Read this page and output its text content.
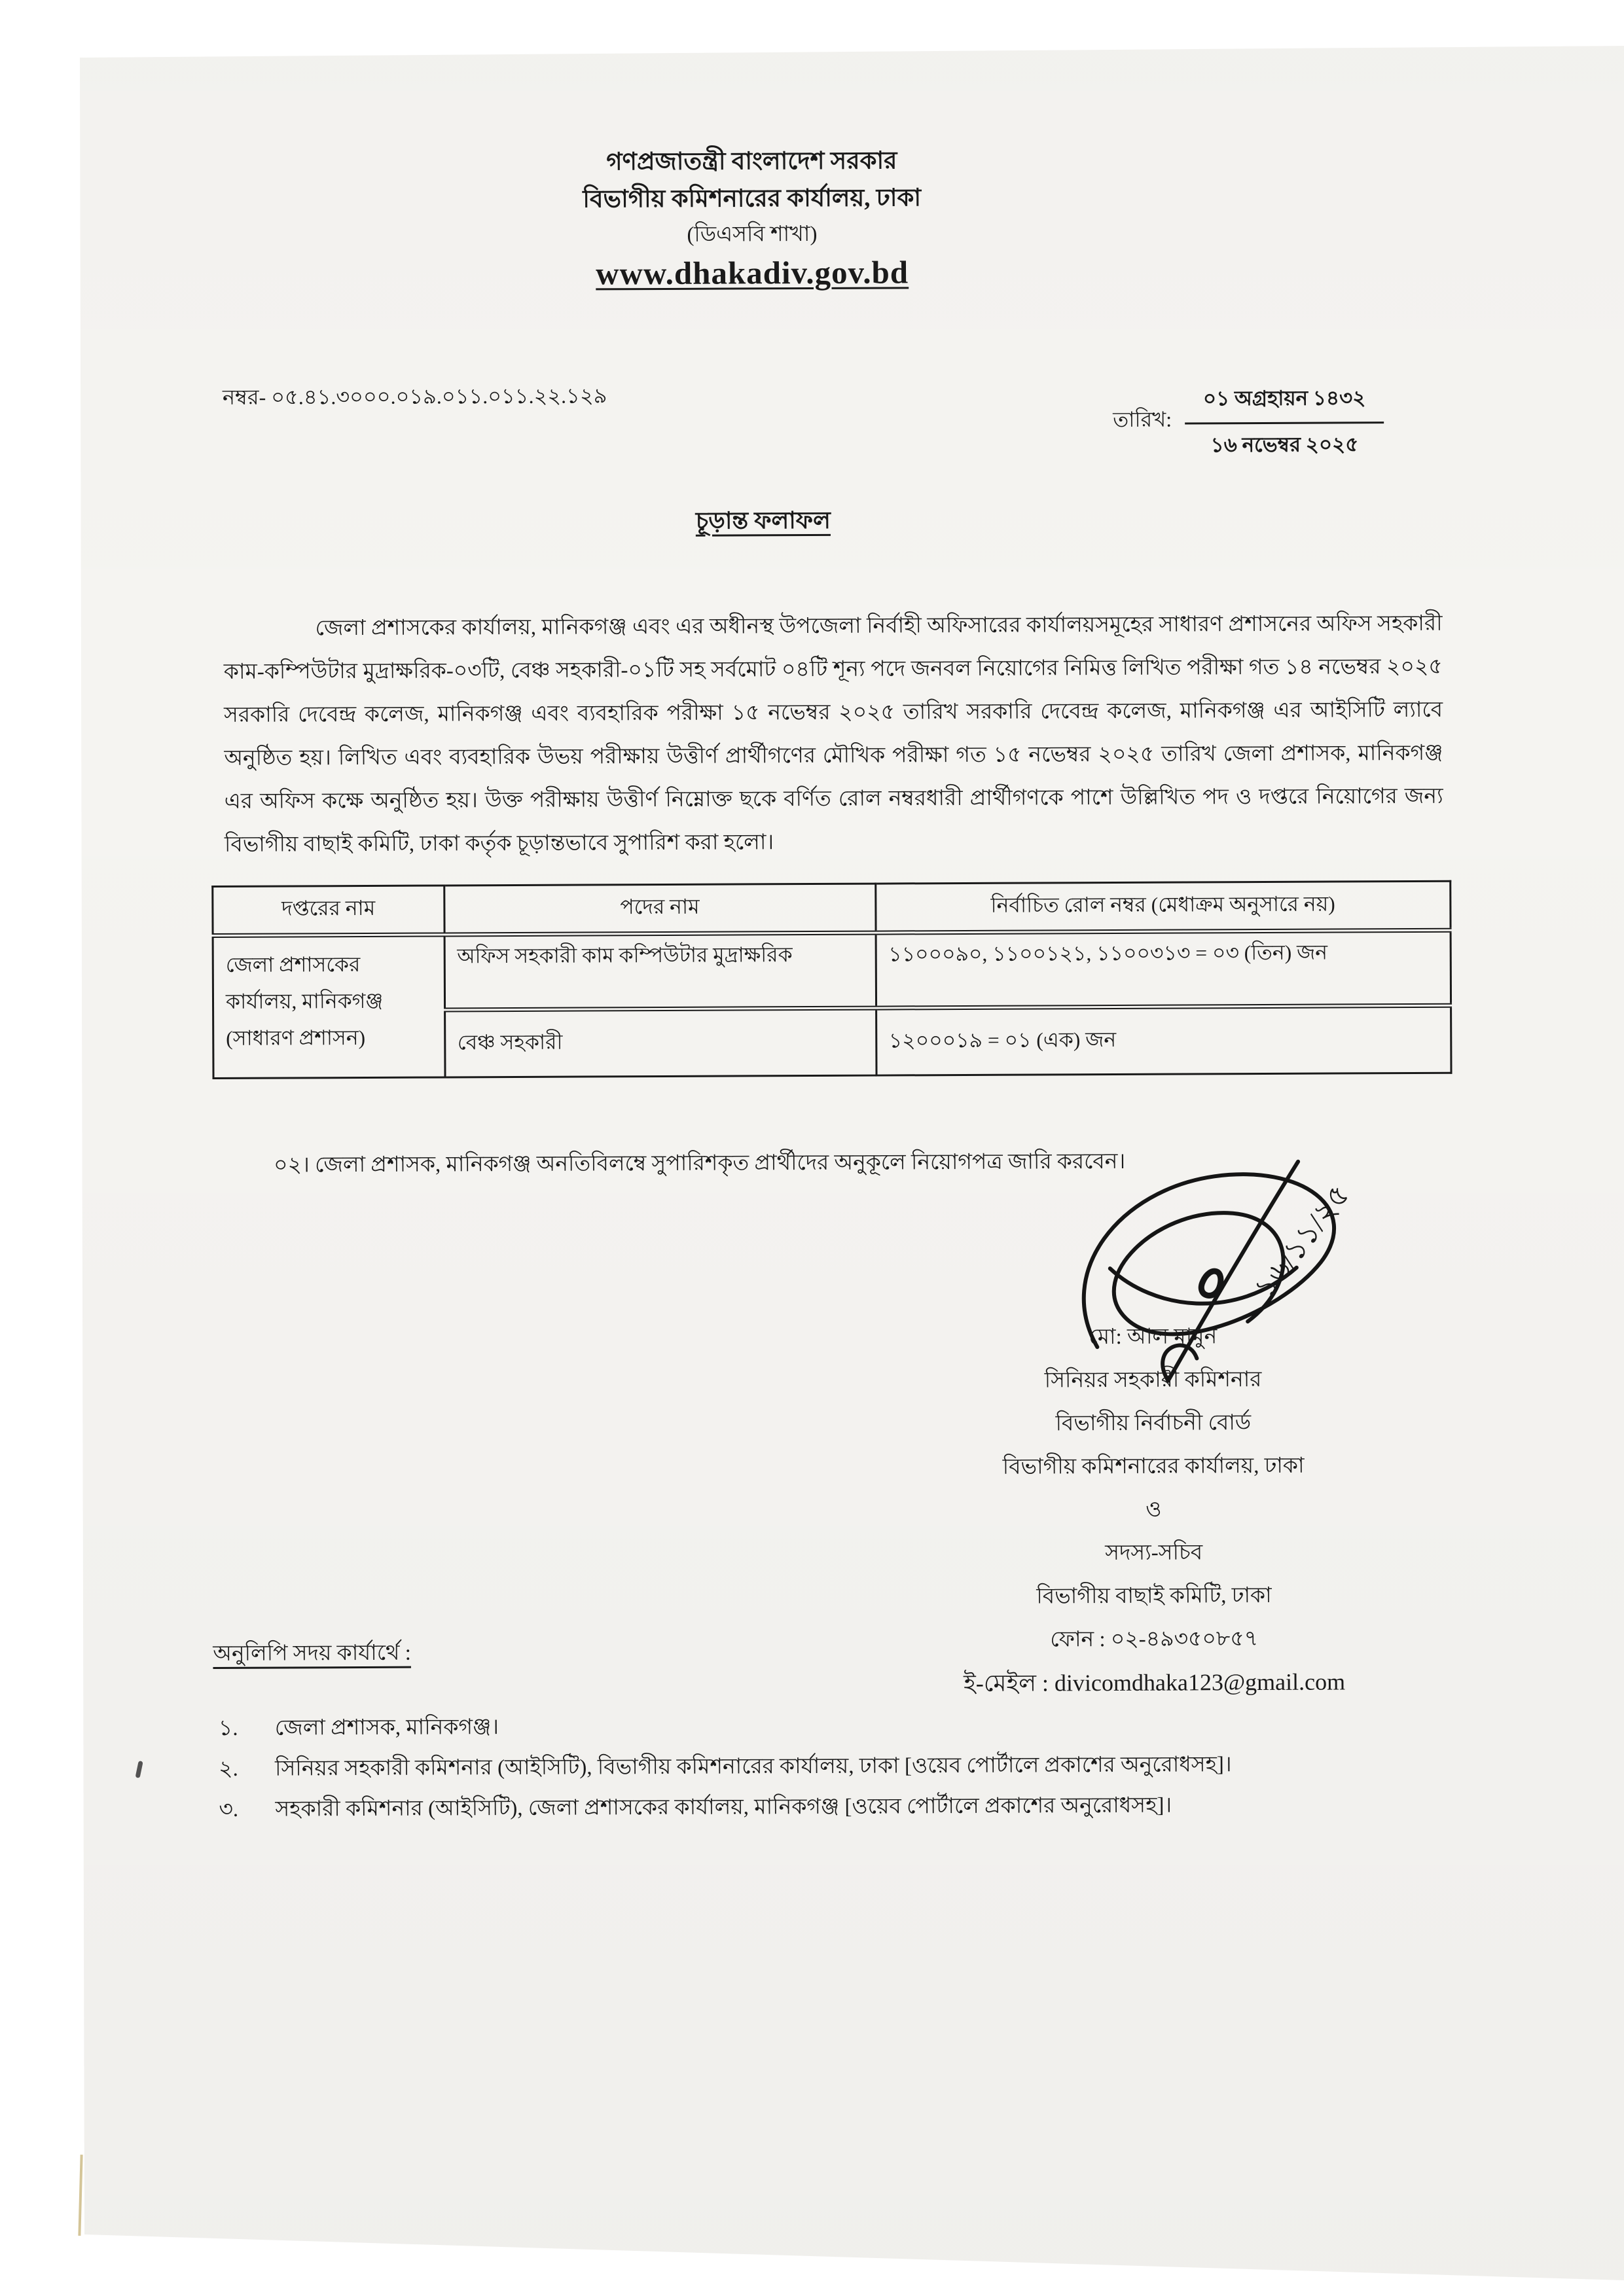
গণপ্রজাতন্ত্রী বাংলাদেশ সরকার
বিভাগীয় কমিশনারের কার্যালয়, ঢাকা
(ডিএসবি শাখা)
www.dhakadiv.gov.bd
নম্বর- ০৫.৪১.৩০০০.০১৯.০১১.০১১.২২.১২৯
তারিখ:
০১ অগ্রহায়ন ১৪৩২
১৬ নভেম্বর ২০২৫
চূড়ান্ত ফলাফল
জেলা প্রশাসকের কার্যালয়, মানিকগঞ্জ এবং এর অধীনস্থ উপজেলা নির্বাহী অফিসারের কার্যালয়সমূহের সাধারণ প্রশাসনের অফিস সহকারী কাম-কম্পিউটার মুদ্রাক্ষরিক-০৩টি, বেঞ্চ সহকারী-০১টি সহ সর্বমোট ০৪টি শূন্য পদে জনবল নিয়োগের নিমিত্ত লিখিত পরীক্ষা গত ১৪ নভেম্বর ২০২৫ সরকারি দেবেন্দ্র কলেজ, মানিকগঞ্জ এবং ব্যবহারিক পরীক্ষা ১৫ নভেম্বর ২০২৫ তারিখ সরকারি দেবেন্দ্র কলেজ, মানিকগঞ্জ এর আইসিটি ল্যাবে অনুষ্ঠিত হয়। লিখিত এবং ব্যবহারিক উভয় পরীক্ষায় উত্তীর্ণ প্রার্থীগণের মৌখিক পরীক্ষা গত ১৫ নভেম্বর ২০২৫ তারিখ জেলা প্রশাসক, মানিকগঞ্জ এর অফিস কক্ষে অনুষ্ঠিত হয়। উক্ত পরীক্ষায় উত্তীর্ণ নিম্নোক্ত ছকে বর্ণিত রোল নম্বরধারী প্রার্থীগণকে পাশে উল্লিখিত পদ ও দপ্তরে নিয়োগের জন্য বিভাগীয় বাছাই কমিটি, ঢাকা কর্তৃক চূড়ান্তভাবে সুপারিশ করা হলো।
দপ্তরের নাম	পদের নাম	নির্বাচিত রোল নম্বর (মেধাক্রম অনুসারে নয়)
জেলা প্রশাসকের কার্যালয়, মানিকগঞ্জ (সাধারণ প্রশাসন)	অফিস সহকারী কাম কম্পিউটার মুদ্রাক্ষরিক	১১০০০৯০, ১১০০১২১, ১১০০৩১৩ = ০৩ (তিন) জন
	বেঞ্চ সহকারী	১২০০০১৯ = ০১ (এক) জন
০২। জেলা প্রশাসক, মানিকগঞ্জ অনতিবিলম্বে সুপারিশকৃত প্রার্থীদের অনুকূলে নিয়োগপত্র জারি করবেন।
১৬/১১/২৫
মো: আল মামুন
সিনিয়র সহকারী কমিশনার
বিভাগীয় নির্বাচনী বোর্ড
বিভাগীয় কমিশনারের কার্যালয়, ঢাকা
ও
সদস্য-সচিব
বিভাগীয় বাছাই কমিটি, ঢাকা
ফোন : ০২-৪৯৩৫০৮৫৭
ই-মেইল : divicomdhaka123@gmail.com
অনুলিপি সদয় কার্যার্থে :
১.	জেলা প্রশাসক, মানিকগঞ্জ।
২.	সিনিয়র সহকারী কমিশনার (আইসিটি), বিভাগীয় কমিশনারের কার্যালয়, ঢাকা [ওয়েব পোর্টালে প্রকাশের অনুরোধসহ]।
৩.	সহকারী কমিশনার (আইসিটি), জেলা প্রশাসকের কার্যালয়, মানিকগঞ্জ [ওয়েব পোর্টালে প্রকাশের অনুরোধসহ]।
